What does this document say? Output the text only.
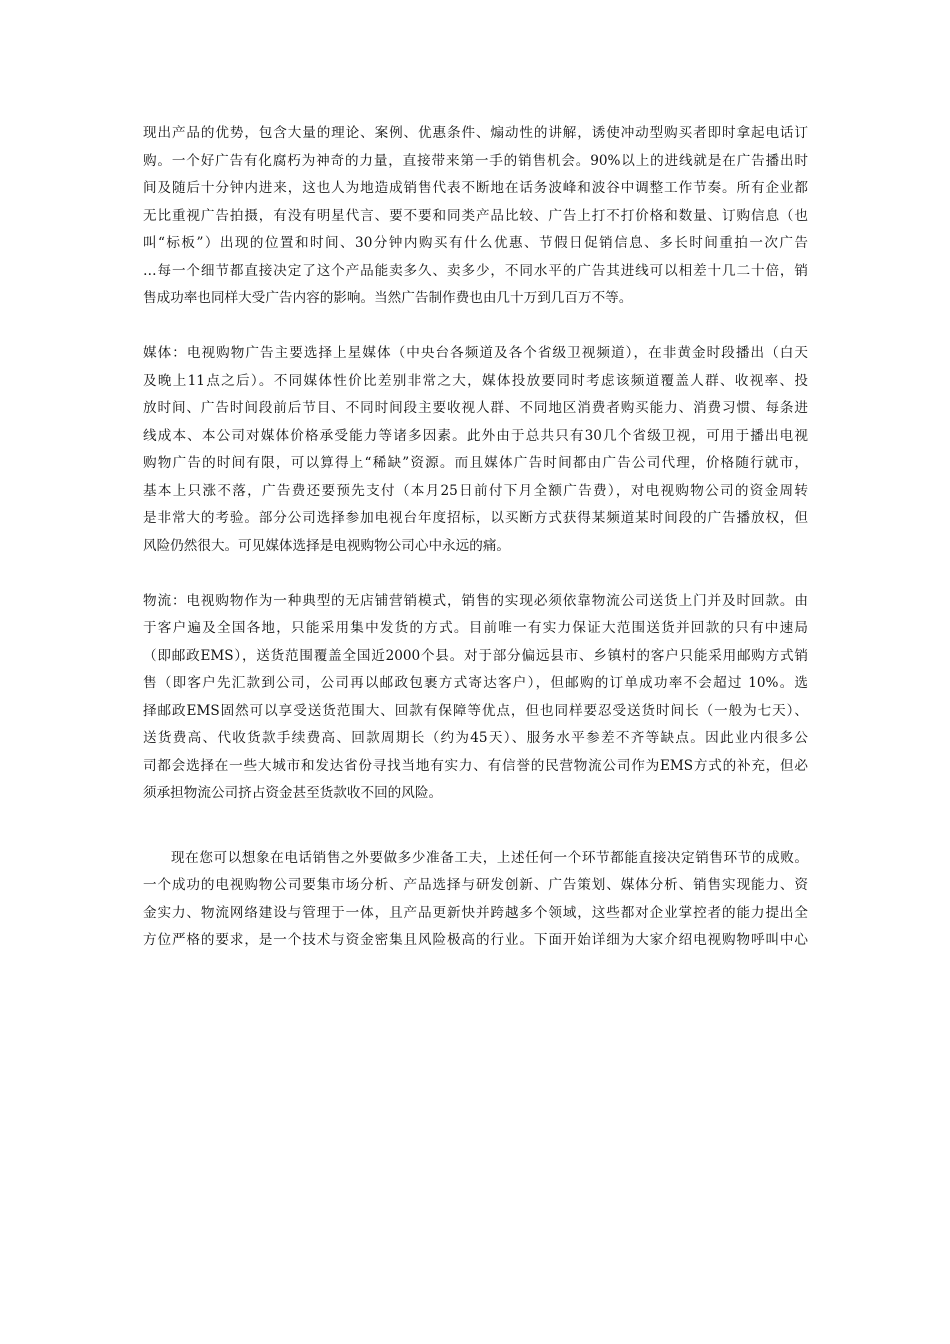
现出产品的优势，包含大量的理论、案例、优惠条件、煽动性的讲解，诱使冲动型购买者即时拿起电话订
购。一个好广告有化腐朽为神奇的力量，直接带来第一手的销售机会。90%以上的进线就是在广告播出时
间及随后十分钟内进来，这也人为地造成销售代表不断地在话务波峰和波谷中调整工作节奏。所有企业都
无比重视广告拍摄，有没有明星代言、要不要和同类产品比较、广告上打不打价格和数量、订购信息（也
叫“标板”）出现的位置和时间、30分钟内购买有什么优惠、节假日促销信息、多长时间重拍一次广告
…每一个细节都直接决定了这个产品能卖多久、卖多少，不同水平的广告其进线可以相差十几二十倍，销
售成功率也同样大受广告内容的影响。当然广告制作费也由几十万到几百万不等。
媒体：电视购物广告主要选择上星媒体（中央台各频道及各个省级卫视频道），在非黄金时段播出（白天
及晚上11点之后）。不同媒体性价比差别非常之大，媒体投放要同时考虑该频道覆盖人群、收视率、投
放时间、广告时间段前后节目、不同时间段主要收视人群、不同地区消费者购买能力、消费习惯、每条进
线成本、本公司对媒体价格承受能力等诸多因素。此外由于总共只有30几个省级卫视，可用于播出电视
购物广告的时间有限，可以算得上“稀缺”资源。而且媒体广告时间都由广告公司代理，价格随行就市，
基本上只涨不落，广告费还要预先支付（本月25日前付下月全额广告费），对电视购物公司的资金周转
是非常大的考验。部分公司选择参加电视台年度招标，以买断方式获得某频道某时间段的广告播放权，但
风险仍然很大。可见媒体选择是电视购物公司心中永远的痛。
物流：电视购物作为一种典型的无店铺营销模式，销售的实现必须依靠物流公司送货上门并及时回款。由
于客户遍及全国各地，只能采用集中发货的方式。目前唯一有实力保证大范围送货并回款的只有中速局
（即邮政EMS），送货范围覆盖全国近2000个县。对于部分偏远县市、乡镇村的客户只能采用邮购方式销
售（即客户先汇款到公司，公司再以邮政包裹方式寄达客户），但邮购的订单成功率不会超过 10%。选
择邮政EMS固然可以享受送货范围大、回款有保障等优点，但也同样要忍受送货时间长（一般为七天）、
送货费高、代收货款手续费高、回款周期长（约为45天）、服务水平参差不齐等缺点。因此业内很多公
司都会选择在一些大城市和发达省份寻找当地有实力、有信誉的民营物流公司作为EMS方式的补充，但必
须承担物流公司挤占资金甚至货款收不回的风险。
现在您可以想象在电话销售之外要做多少准备工夫，上述任何一个环节都能直接决定销售环节的成败。
一个成功的电视购物公司要集市场分析、产品选择与研发创新、广告策划、媒体分析、销售实现能力、资
金实力、物流网络建设与管理于一体，且产品更新快并跨越多个领域，这些都对企业掌控者的能力提出全
方位严格的要求，是一个技术与资金密集且风险极高的行业。下面开始详细为大家介绍电视购物呼叫中心
